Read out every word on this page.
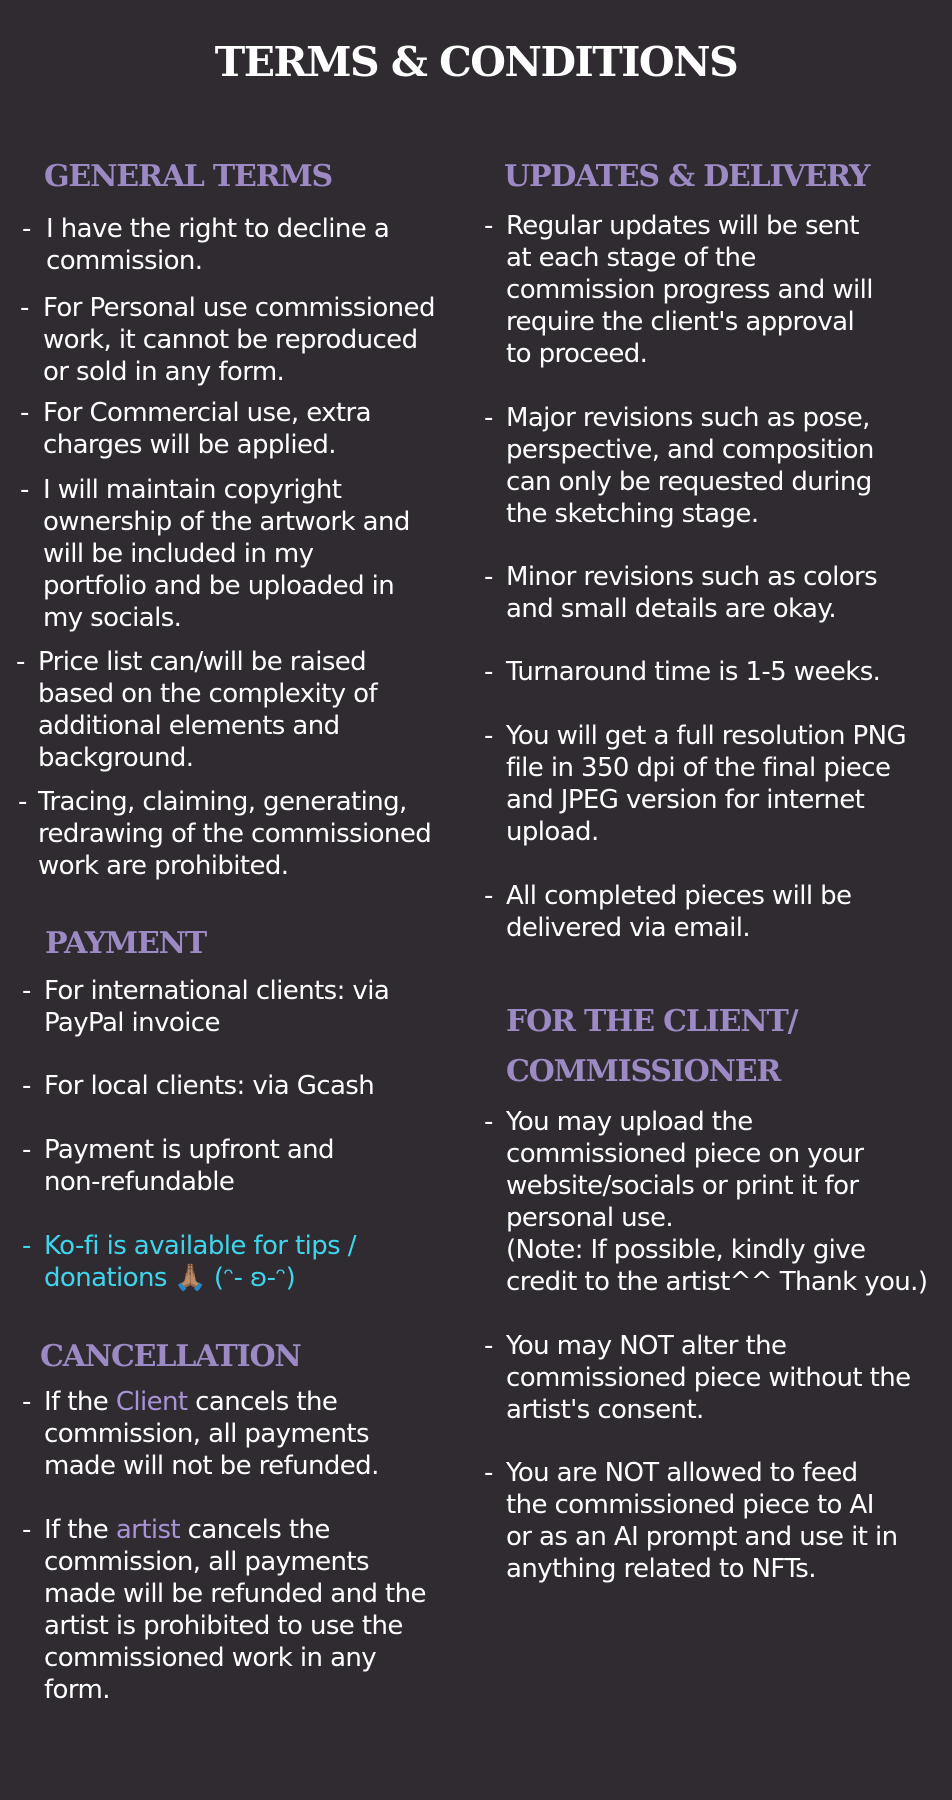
TERMS & CONDITIONS
GENERAL TERMS
- I have the right to decline a
commission.
- For Personal use commissioned
work, it cannot be reproduced
or sold in any form.
- For Commercial use, extra
charges will be applied.
- I will maintain copyright
ownership of the artwork and
will be included in my
portfolio and be uploaded in
my socials.
- Price list can/will be raised
based on the complexity of
additional elements and
background.
- Tracing, claiming, generating,
redrawing of the commissioned
work are prohibited.
PAYMENT
- For international clients: via
PayPal invoice
- For local clients: via Gcash
- Payment is upfront and
non-refundable
- Ko-fi is available for tips /
donations 🙏🏽 (ᵔ- ʚ-ᵔ)
CANCELLATION
- If the Client cancels the
commission, all payments
made will not be refunded.
- If the artist cancels the
commission, all payments
made will be refunded and the
artist is prohibited to use the
commissioned work in any
form.
UPDATES & DELIVERY
- Regular updates will be sent
at each stage of the
commission progress and will
require the client's approval
to proceed.
- Major revisions such as pose,
perspective, and composition
can only be requested during
the sketching stage.
- Minor revisions such as colors
and small details are okay.
- Turnaround time is 1-5 weeks.
- You will get a full resolution PNG
file in 350 dpi of the final piece
and JPEG version for internet
upload.
- All completed pieces will be
delivered via email.
FOR THE CLIENT/
COMMISSIONER
- You may upload the
commissioned piece on your
website/socials or print it for
personal use.
(Note: If possible, kindly give
credit to the artist^^ Thank you.)
- You may NOT alter the
commissioned piece without the
artist's consent.
- You are NOT allowed to feed
the commissioned piece to AI
or as an AI prompt and use it in
anything related to NFTs.
